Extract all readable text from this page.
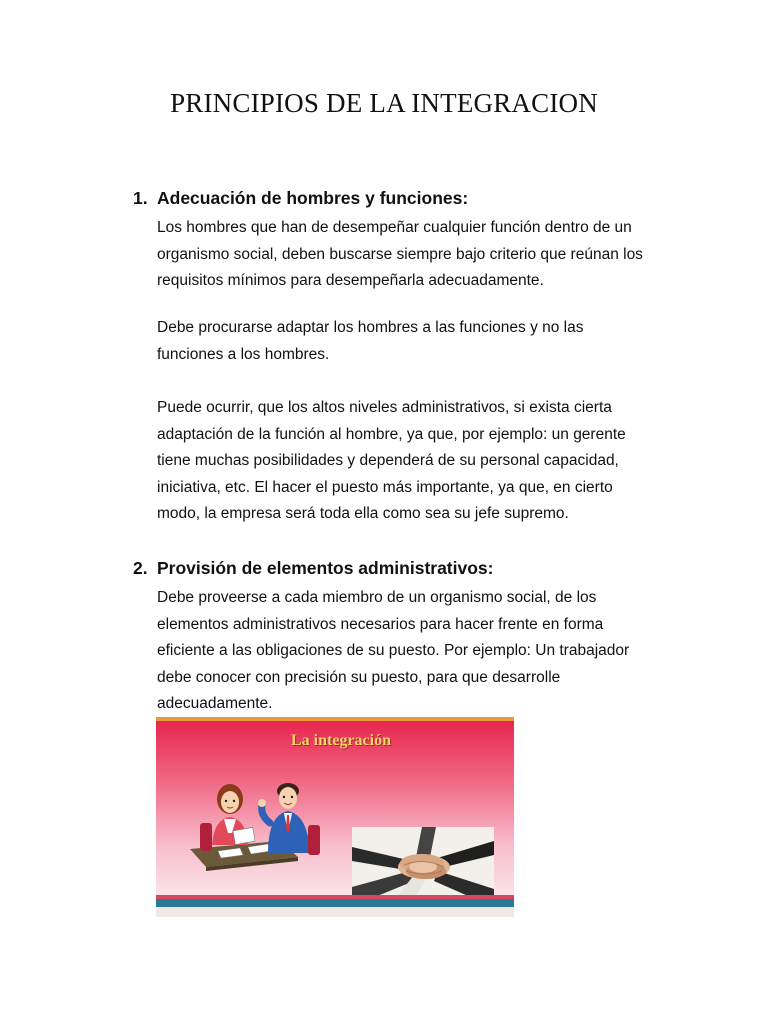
PRINCIPIOS DE LA INTEGRACION
1. Adecuación de hombres y funciones:
Los hombres que han de desempeñar cualquier función dentro de un
organismo social, deben buscarse siempre bajo criterio que reúnan los
requisitos mínimos para desempeñarla adecuadamente.
Debe procurarse adaptar los hombres a las funciones y no las
funciones a los hombres.
Puede ocurrir, que los altos niveles administrativos, si exista cierta
adaptación de la función al hombre, ya que, por ejemplo: un gerente
tiene muchas posibilidades y dependerá de su personal capacidad,
iniciativa, etc. El hacer el puesto más importante, ya que, en cierto
modo, la empresa será toda ella como sea su jefe supremo.
2. Provisión de elementos administrativos:
Debe proveerse a cada miembro de un organismo social, de los
elementos administrativos necesarios para hacer frente en forma
eficiente a las obligaciones de su puesto. Por ejemplo: Un trabajador
debe conocer con precisión su puesto, para que desarrolle
adecuadamente.
La integración
